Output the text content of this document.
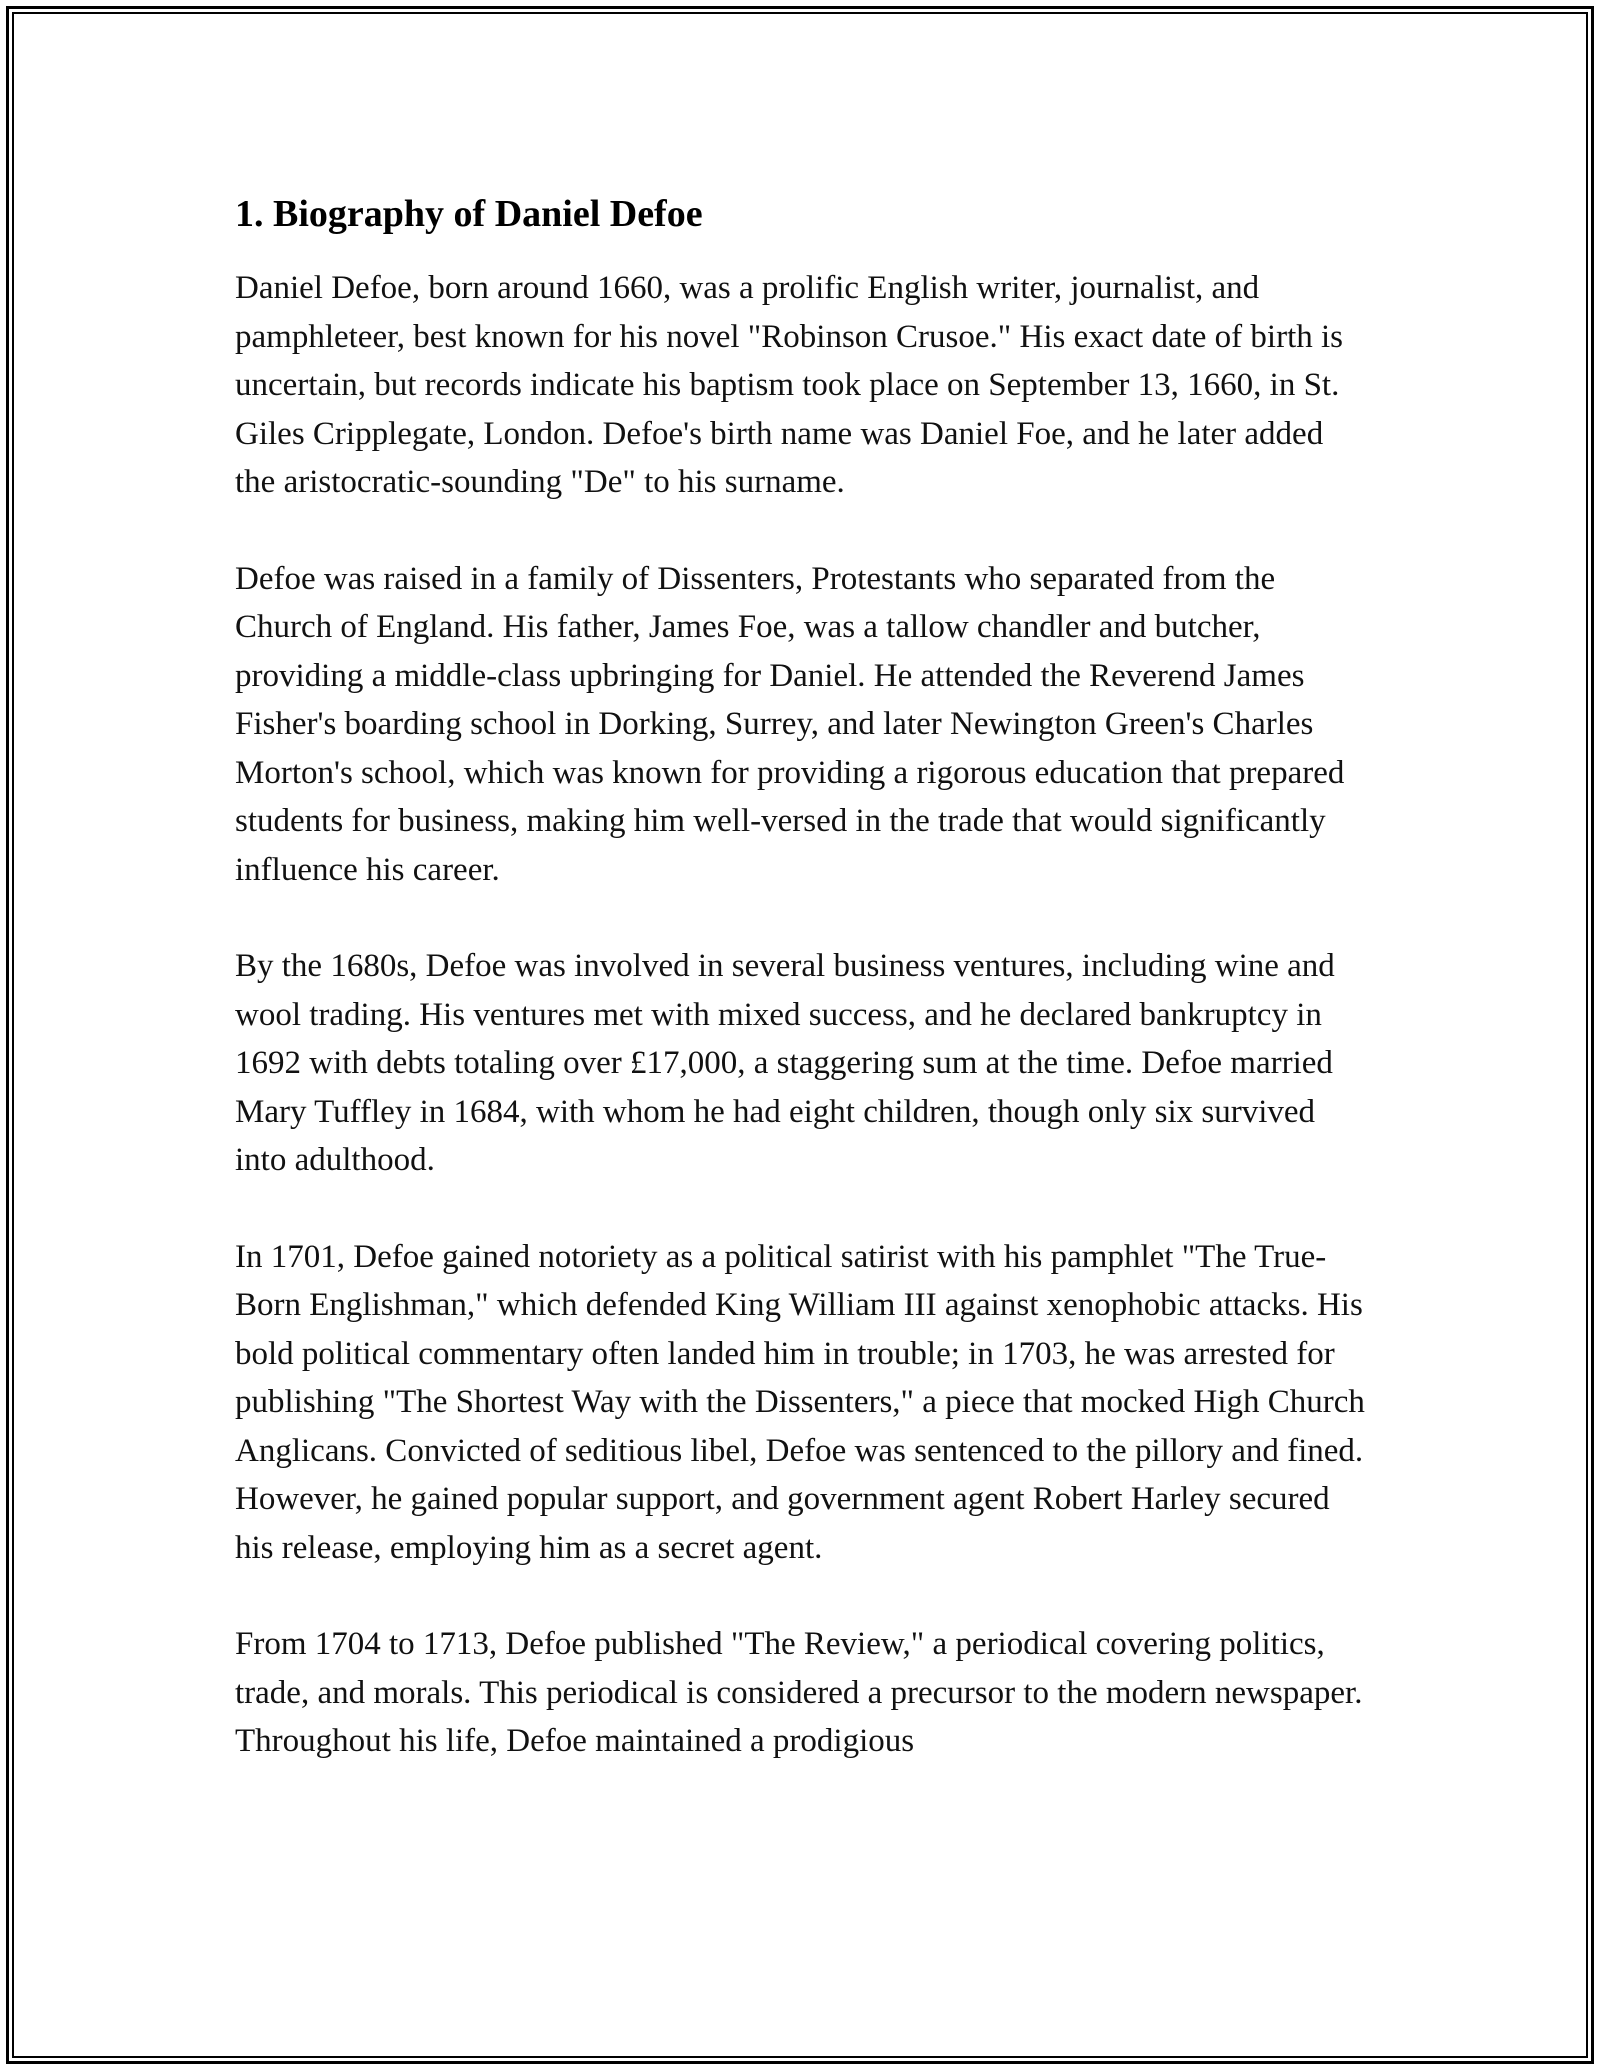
1. Biography of Daniel Defoe

Daniel Defoe, born around 1660, was a prolific English writer, journalist, and pamphleteer, best known for his novel "Robinson Crusoe." His exact date of birth is uncertain, but records indicate his baptism took place on September 13, 1660, in St. Giles Cripplegate, London. Defoe's birth name was Daniel Foe, and he later added the aristocratic-sounding "De" to his surname.

Defoe was raised in a family of Dissenters, Protestants who separated from the Church of England. His father, James Foe, was a tallow chandler and butcher, providing a middle-class upbringing for Daniel. He attended the Reverend James Fisher's boarding school in Dorking, Surrey, and later Newington Green's Charles Morton's school, which was known for providing a rigorous education that prepared students for business, making him well-versed in the trade that would significantly influence his career.

By the 1680s, Defoe was involved in several business ventures, including wine and wool trading. His ventures met with mixed success, and he declared bankruptcy in 1692 with debts totaling over £17,000, a staggering sum at the time. Defoe married Mary Tuffley in 1684, with whom he had eight children, though only six survived into adulthood.

In 1701, Defoe gained notoriety as a political satirist with his pamphlet "The True-Born Englishman," which defended King William III against xenophobic attacks. His bold political commentary often landed him in trouble; in 1703, he was arrested for publishing "The Shortest Way with the Dissenters," a piece that mocked High Church Anglicans. Convicted of seditious libel, Defoe was sentenced to the pillory and fined. However, he gained popular support, and government agent Robert Harley secured his release, employing him as a secret agent.

From 1704 to 1713, Defoe published "The Review," a periodical covering politics, trade, and morals. This periodical is considered a precursor to the modern newspaper. Throughout his life, Defoe maintained a prodigious
